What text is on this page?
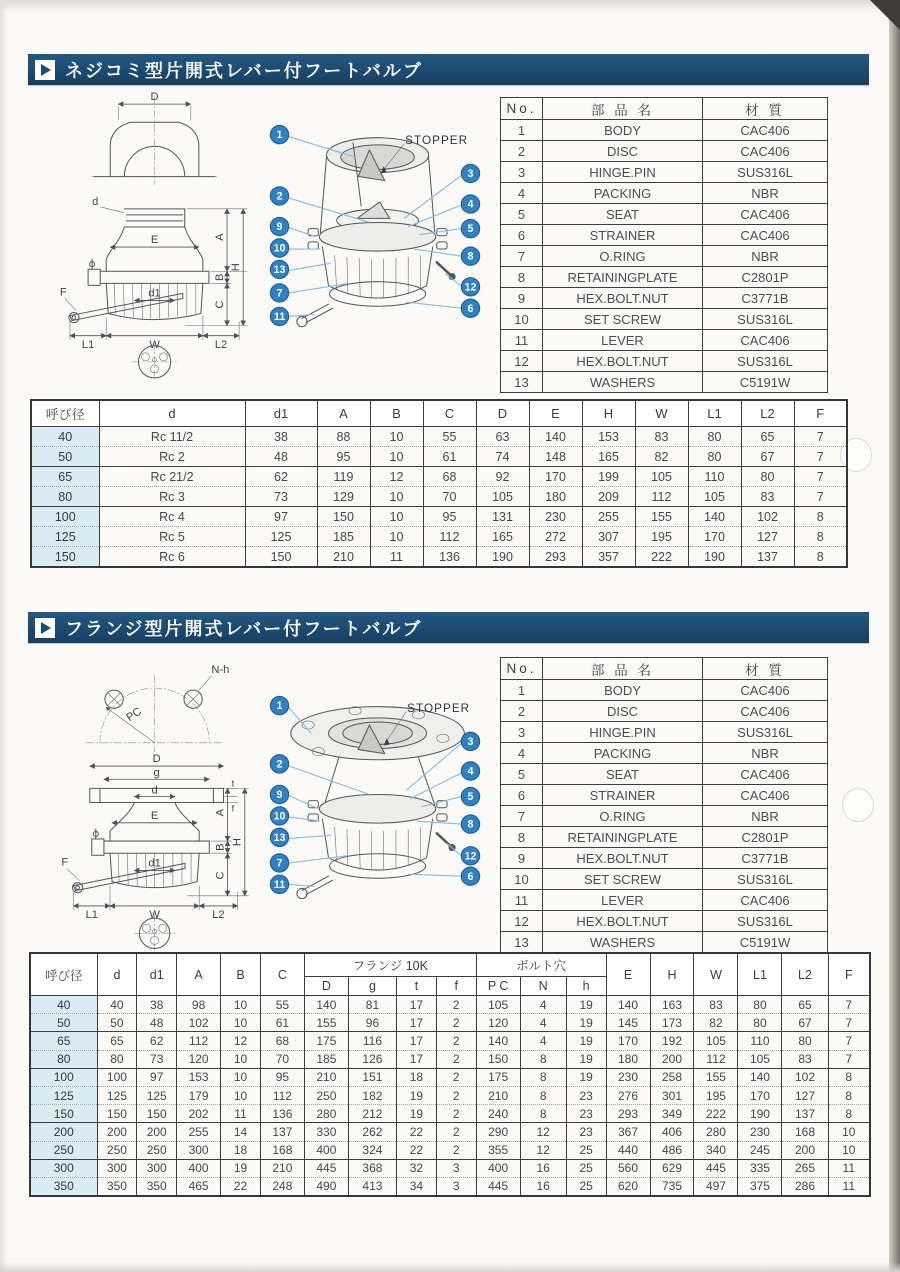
ネジコミ型片開式レバー付フートバルブ
D
d
E
F	d1
A
B
C
H
L1	W	L2
STOPPER
1
2
9
10
13
7
11
3
4
5
8
12
6
No.	部 品 名	材 質
1	BODY	CAC406
2	DISC	CAC406
3	HINGE.PIN	SUS316L
4	PACKING	NBR
5	SEAT	CAC406
6	STRAINER	CAC406
7	O.RING	NBR
8	RETAININGPLATE	C2801P
9	HEX.BOLT.NUT	C3771B
10	SET SCREW	SUS316L
11	LEVER	CAC406
12	HEX.BOLT.NUT	SUS316L
13	WASHERS	C5191W
呼び径	d	d1	A	B	C	D	E	H	W	L1	L2	F
40	Rc 11/2	38	88	10	55	63	140	153	83	80	65	7
50	Rc 2	48	95	10	61	74	148	165	82	80	67	7
65	Rc 21/2	62	119	12	68	92	170	199	105	110	80	7
80	Rc 3	73	129	10	70	105	180	209	112	105	83	7
100	Rc 4	97	150	10	95	131	230	255	155	140	102	8
125	Rc 5	125	185	10	112	165	272	307	195	170	127	8
150	Rc 6	150	210	11	136	190	293	357	222	190	137	8
フランジ型片開式レバー付フートバルブ
N-h
PC
D
g
t
f
d
E
F	d1
A
B
C
H
L1	W	L2
STOPPER
1
2
9
10
13
7
11
3
4
5
8
12
6
No.	部 品 名	材 質
1	BODY	CAC406
2	DISC	CAC406
3	HINGE.PIN	SUS316L
4	PACKING	NBR
5	SEAT	CAC406
6	STRAINER	CAC406
7	O.RING	NBR
8	RETAININGPLATE	C2801P
9	HEX.BOLT.NUT	C3771B
10	SET SCREW	SUS316L
11	LEVER	CAC406
12	HEX.BOLT.NUT	SUS316L
13	WASHERS	C5191W
呼び径	d	d1	A	B	C	フランジ 10K				ボルト穴			E	H	W	L1	L2	F
						D	g	t	f	P C	N	h						
40	40	38	98	10	55	140	81	17	2	105	4	19	140	163	83	80	65	7
50	50	48	102	10	61	155	96	17	2	120	4	19	145	173	82	80	67	7
65	65	62	112	12	68	175	116	17	2	140	4	19	170	192	105	110	80	7
80	80	73	120	10	70	185	126	17	2	150	8	19	180	200	112	105	83	7
100	100	97	153	10	95	210	151	18	2	175	8	19	230	258	155	140	102	8
125	125	125	179	10	112	250	182	19	2	210	8	23	276	301	195	170	127	8
150	150	150	202	11	136	280	212	19	2	240	8	23	293	349	222	190	137	8
200	200	200	255	14	137	330	262	22	2	290	12	23	367	406	280	230	168	10
250	250	250	300	18	168	400	324	22	2	355	12	25	440	486	340	245	200	10
300	300	300	400	19	210	445	368	32	3	400	16	25	560	629	445	335	265	11
350	350	350	465	22	248	490	413	34	3	445	16	25	620	735	497	375	286	11
